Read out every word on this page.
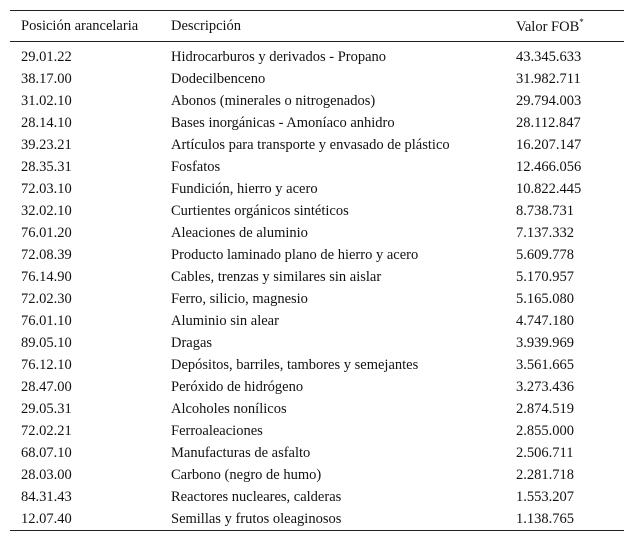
Posición arancelaria	Descripción	Valor FOB*

29.01.22	Hidrocarburos y derivados - Propano	43.345.633
38.17.00	Dodecilbenceno	31.982.711
31.02.10	Abonos (minerales o nitrogenados)	29.794.003
28.14.10	Bases inorgánicas - Amoníaco anhidro	28.112.847
39.23.21	Artículos para transporte y envasado de plástico	16.207.147
28.35.31	Fosfatos	12.466.056
72.03.10	Fundición, hierro y acero	10.822.445
32.02.10	Curtientes orgánicos sintéticos	8.738.731
76.01.20	Aleaciones de aluminio	7.137.332
72.08.39	Producto laminado plano de hierro y acero	5.609.778
76.14.90	Cables, trenzas y similares sin aislar	5.170.957
72.02.30	Ferro, silicio, magnesio	5.165.080
76.01.10	Aluminio sin alear	4.747.180
89.05.10	Dragas	3.939.969
76.12.10	Depósitos, barriles, tambores y semejantes	3.561.665
28.47.00	Peróxido de hidrógeno	3.273.436
29.05.31	Alcoholes nonílicos	2.874.519
72.02.21	Ferroaleaciones	2.855.000
68.07.10	Manufacturas de asfalto	2.506.711
28.03.00	Carbono (negro de humo)	2.281.718
84.31.43	Reactores nucleares, calderas	1.553.207
12.07.40	Semillas y frutos oleaginosos	1.138.765
